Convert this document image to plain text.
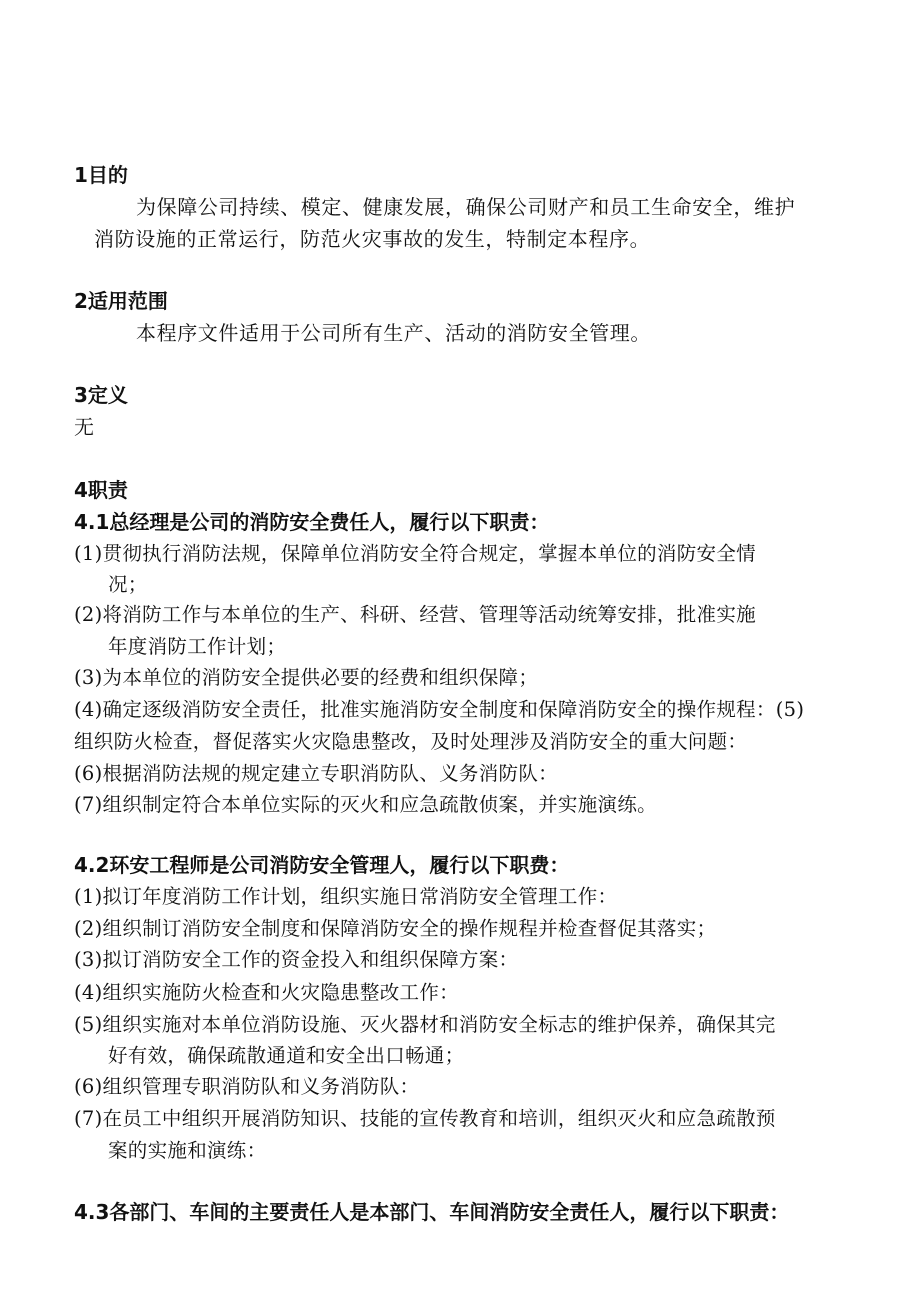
1目的
为保障公司持续、模定、健康发展，确保公司财产和员工生命安全，维护
消防设施的正常运行，防范火灾事故的发生，特制定本程序。
2适用范围
本程序文件适用于公司所有生产、活动的消防安全管理。
3定义
无
4职责
4.1总经理是公司的消防安全费任人，履行以下职责：
(1)贯彻执行消防法规，保障单位消防安全符合规定，掌握本单位的消防安全情
况；
(2)将消防工作与本单位的生产、科研、经营、管理等活动统筹安排，批准实施
年度消防工作计划；
(3)为本单位的消防安全提供必要的经费和组织保障；
(4)确定逐级消防安全责任，批准实施消防安全制度和保障消防安全的操作规程：(5)
组织防火检查，督促落实火灾隐患整改，及时处理涉及消防安全的重大问题：
(6)根据消防法规的规定建立专职消防队、义务消防队：
(7)组织制定符合本单位实际的灭火和应急疏散侦案，并实施演练。
4.2环安工程师是公司消防安全管理人，履行以下职费：
(1)拟订年度消防工作计划，组织实施日常消防安全管理工作：
(2)组织制订消防安全制度和保障消防安全的操作规程并检查督促其落实；
(3)拟订消防安全工作的资金投入和组织保障方案：
(4)组织实施防火检查和火灾隐患整改工作：
(5)组织实施对本单位消防设施、灭火器材和消防安全标志的维护保养，确保其完
好有效，确保疏散通道和安全出口畅通；
(6)组织管理专职消防队和义务消防队：
(7)在员工中组织开展消防知识、技能的宣传教育和培训，组织灭火和应急疏散预
案的实施和演练：
4.3各部门、车间的主要责任人是本部门、车间消防安全责任人，履行以下职责：
